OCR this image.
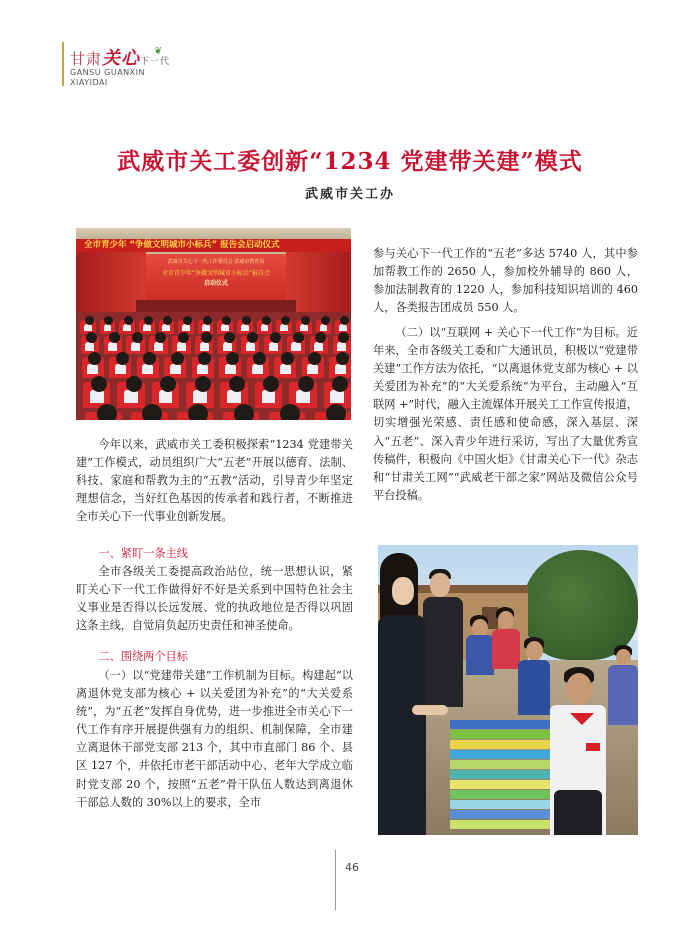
甘肃关心下一代
❦
GANSU GUANXIN
XIAYIDAI
武威市关工委创新“1234 党建带关建”模式
武威市关工办
全市青少年 “争做文明城市小标兵” 报告会启动仪式
武威市关心下一代工作委员会 武威市教育局
全市青少年“争做文明城市小标兵”报告会
启动仪式
今年以来，武威市关工委积极探索“1234 党建带关建”工作模式，动员组织广大“五老”开展以德育、法制、科技、家庭和帮教为主的“五教”活动，引导青少年坚定理想信念，当好红色基因的传承者和践行者，不断推进全市关心下一代事业创新发展。
一、紧盯一条主线
全市各级关工委提高政治站位，统一思想认识，紧盯关心下一代工作做得好不好是关系到中国特色社会主义事业是否得以长远发展、党的执政地位是否得以巩固这条主线，自觉肩负起历史责任和神圣使命。
二、围绕两个目标
（一）以“党建带关建”工作机制为目标。构建起“以离退休党支部为核心 + 以关爱团为补充”的“大关爱系统”，为“五老”发挥自身优势，进一步推进全市关心下一代工作有序开展提供强有力的组织、机制保障，全市建立离退休干部党支部 213 个，其中市直部门 86 个、县区 127 个，并依托市老干部活动中心、老年大学成立临时党支部 20 个，按照“五老”骨干队伍人数达到离退休干部总人数的 30%以上的要求，全市
参与关心下一代工作的“五老”多达 5740 人，其中参加帮教工作的 2650 人，参加校外辅导的 860 人，参加法制教育的 1220 人，参加科技知识培训的 460 人，各类报告团成员 550 人。
（二）以“互联网 + 关心下一代工作”为目标。近年来，全市各级关工委和广大通讯员，积极以“党建带关建”工作方法为依托，“以离退休党支部为核心 + 以关爱团为补充”的“大关爱系统”为平台，主动融入“互联网 +”时代，融入主流媒体开展关工工作宣传报道，切实增强光荣感、责任感和使命感，深入基层、深入“五老”、深入青少年进行采访，写出了大量优秀宣传稿件，积极向《中国火炬》《甘肃关心下一代》杂志和“甘肃关工网”“武威老干部之家”网站及微信公众号平台投稿。
46
